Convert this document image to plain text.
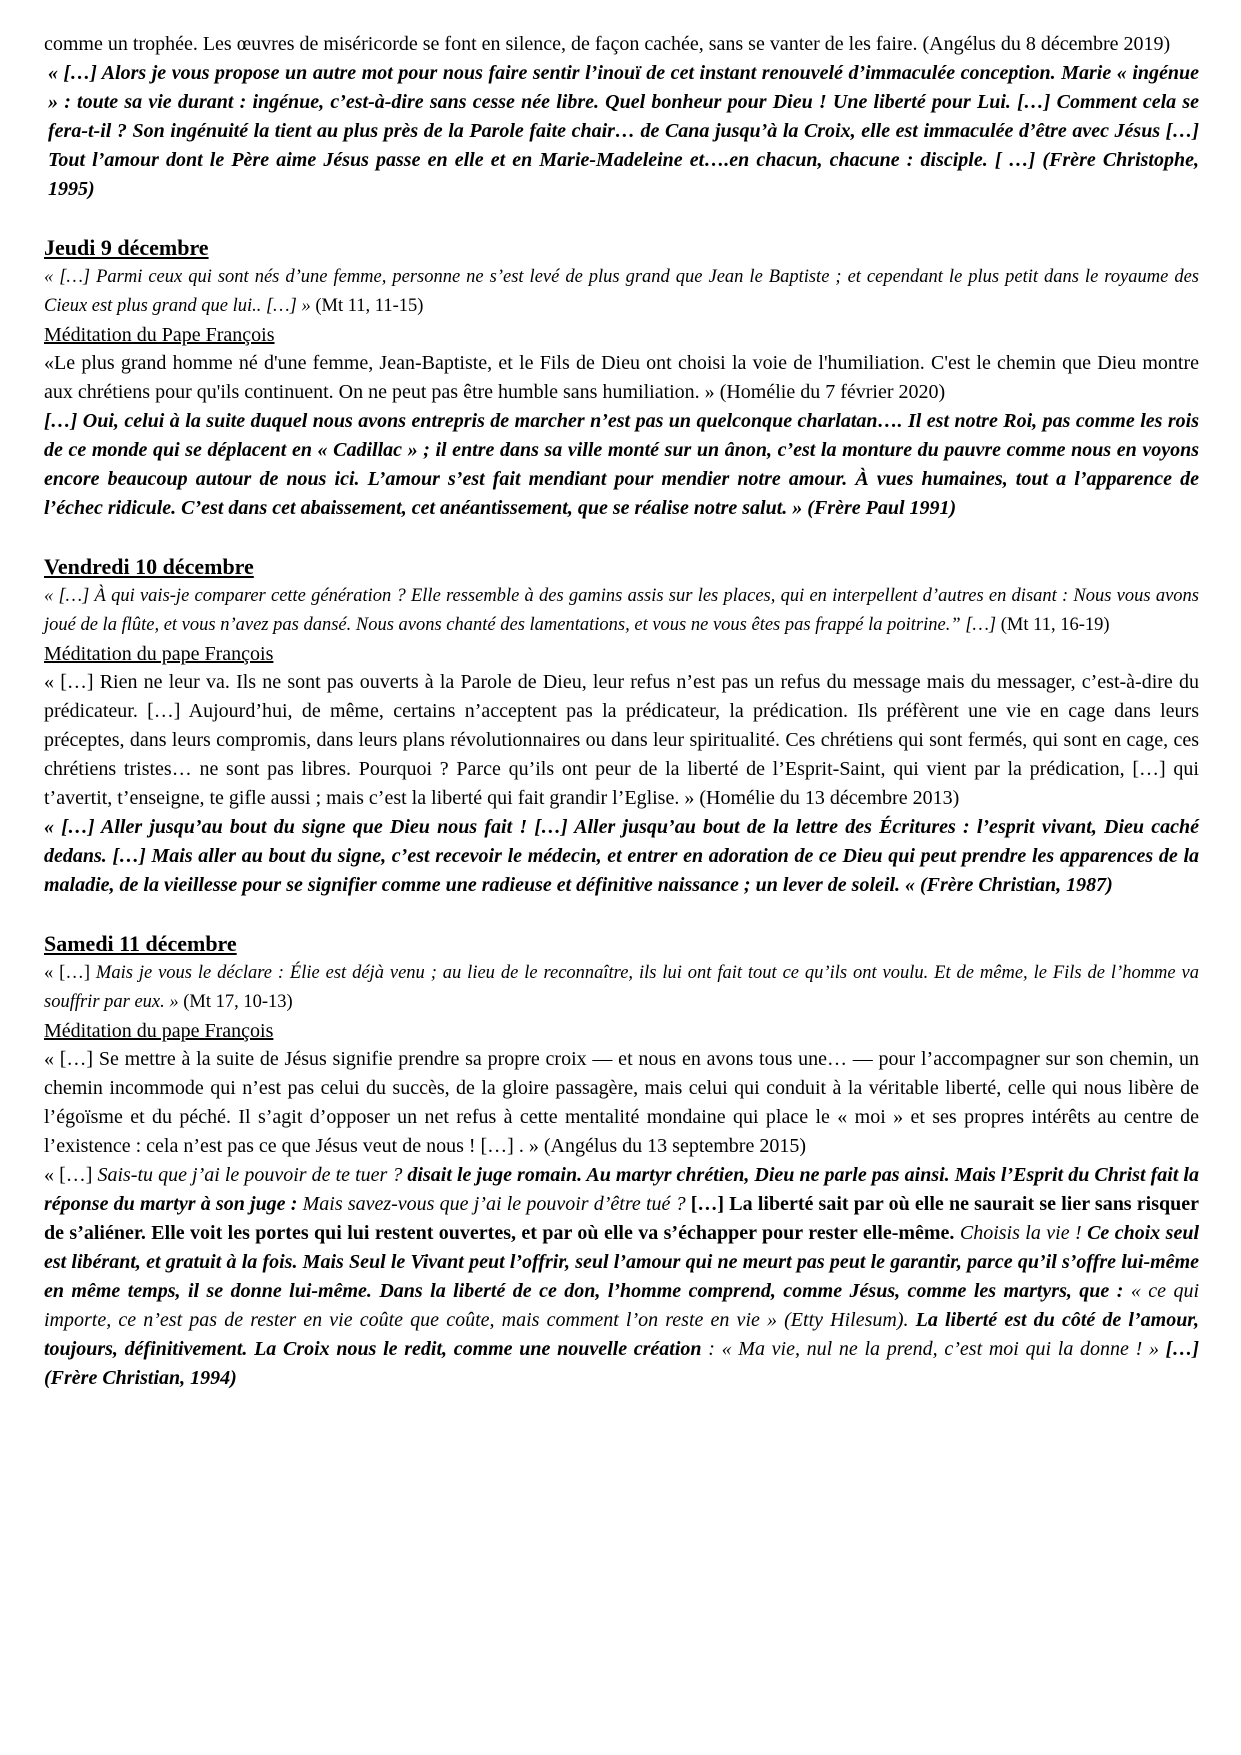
comme un trophée. Les œuvres de miséricorde se font en silence, de façon cachée, sans se vanter de les faire. (Angélus du 8 décembre 2019)

« […] Alors je vous propose un autre mot pour nous faire sentir l’inouï de cet instant renouvelé d’immaculée conception. Marie « ingénue » : toute sa vie durant : ingénue, c’est-à-dire sans cesse née libre. Quel bonheur pour Dieu ! Une liberté pour Lui. […] Comment cela se fera-t-il ? Son ingénuité la tient au plus près de la Parole faite chair… de Cana jusqu’à la Croix, elle est immaculée d’être avec Jésus […] Tout l’amour dont le Père aime Jésus passe en elle et en Marie-Madeleine et….en chacun, chacune : disciple. [ …] (Frère Christophe, 1995)

Jeudi 9 décembre

« […] Parmi ceux qui sont nés d’une femme, personne ne s’est levé de plus grand que Jean le Baptiste ; et cependant le plus petit dans le royaume des Cieux est plus grand que lui.. […] » (Mt 11, 11-15)

Méditation du Pape François

«Le plus grand homme né d'une femme, Jean-Baptiste, et le Fils de Dieu ont choisi la voie de l'humiliation. C'est le chemin que Dieu montre aux chrétiens pour qu'ils continuent. On ne peut pas être humble sans humiliation. » (Homélie du 7 février 2020)

[…] Oui, celui à la suite duquel nous avons entrepris de marcher n’est pas un quelconque charlatan…. Il est notre Roi, pas comme les rois de ce monde qui se déplacent en « Cadillac » ; il entre dans sa ville monté sur un ânon, c’est la monture du pauvre comme nous en voyons encore beaucoup autour de nous ici. L’amour s’est fait mendiant pour mendier notre amour. À vues humaines, tout a l’apparence de l’échec ridicule. C’est dans cet abaissement, cet anéantissement, que se réalise notre salut. » (Frère Paul 1991)

Vendredi 10 décembre

« […] À qui vais-je comparer cette génération ? Elle ressemble à des gamins assis sur les places, qui en interpellent d’autres en disant : Nous vous avons joué de la flûte, et vous n’avez pas dansé. Nous avons chanté des lamentations, et vous ne vous êtes pas frappé la poitrine.” […] (Mt 11, 16-19)

Méditation du pape François

« […] Rien ne leur va. Ils ne sont pas ouverts à la Parole de Dieu, leur refus n’est pas un refus du message mais du messager, c’est-à-dire du prédicateur. […] Aujourd’hui, de même, certains n’acceptent pas la prédicateur, la prédication. Ils préfèrent une vie en cage dans leurs préceptes, dans leurs compromis, dans leurs plans révolutionnaires ou dans leur spiritualité. Ces chrétiens qui sont fermés, qui sont en cage, ces chrétiens tristes… ne sont pas libres. Pourquoi ? Parce qu’ils ont peur de la liberté de l’Esprit-Saint, qui vient par la prédication, […] qui t’avertit, t’enseigne, te gifle aussi ; mais c’est la liberté qui fait grandir l’Eglise. » (Homélie du 13 décembre 2013)

« […] Aller jusqu’au bout du signe que Dieu nous fait ! […] Aller jusqu’au bout de la lettre des Écritures : l’esprit vivant, Dieu caché dedans. […] Mais aller au bout du signe, c’est recevoir le médecin, et entrer en adoration de ce Dieu qui peut prendre les apparences de la maladie, de la vieillesse pour se signifier comme une radieuse et définitive naissance ; un lever de soleil. « (Frère Christian, 1987)

Samedi 11 décembre

« […] Mais je vous le déclare : Élie est déjà venu ; au lieu de le reconnaître, ils lui ont fait tout ce qu’ils ont voulu. Et de même, le Fils de l’homme va souffrir par eux. » (Mt 17, 10-13)

Méditation du pape François

« […] Se mettre à la suite de Jésus signifie prendre sa propre croix — et nous en avons tous une… — pour l’accompagner sur son chemin, un chemin incommode qui n’est pas celui du succès, de la gloire passagère, mais celui qui conduit à la véritable liberté, celle qui nous libère de l’égoïsme et du péché. Il s’agit d’opposer un net refus à cette mentalité mondaine qui place le « moi » et ses propres intérêts au centre de l’existence : cela n’est pas ce que Jésus veut de nous ! […] . » (Angélus du 13 septembre 2015)

« […] Sais-tu que j’ai le pouvoir de te tuer ? disait le juge romain. Au martyr chrétien, Dieu ne parle pas ainsi. Mais l’Esprit du Christ fait la réponse du martyr à son juge : Mais savez-vous que j’ai le pouvoir d’être tué ? […] La liberté sait par où elle ne saurait se lier sans risquer de s’aliéner. Elle voit les portes qui lui restent ouvertes, et par où elle va s’échapper pour rester elle-même. Choisis la vie ! Ce choix seul est libérant, et gratuit à la fois. Mais Seul le Vivant peut l’offrir, seul l’amour qui ne meurt pas peut le garantir, parce qu’il s’offre lui-même en même temps, il se donne lui-même. Dans la liberté de ce don, l’homme comprend, comme Jésus, comme les martyrs, que : « ce qui importe, ce n’est pas de rester en vie coûte que coûte, mais comment l’on reste en vie » (Etty Hilesum). La liberté est du côté de l’amour, toujours, définitivement. La Croix nous le redit, comme une nouvelle création : « Ma vie, nul ne la prend, c’est moi qui la donne ! » […] (Frère Christian, 1994)
